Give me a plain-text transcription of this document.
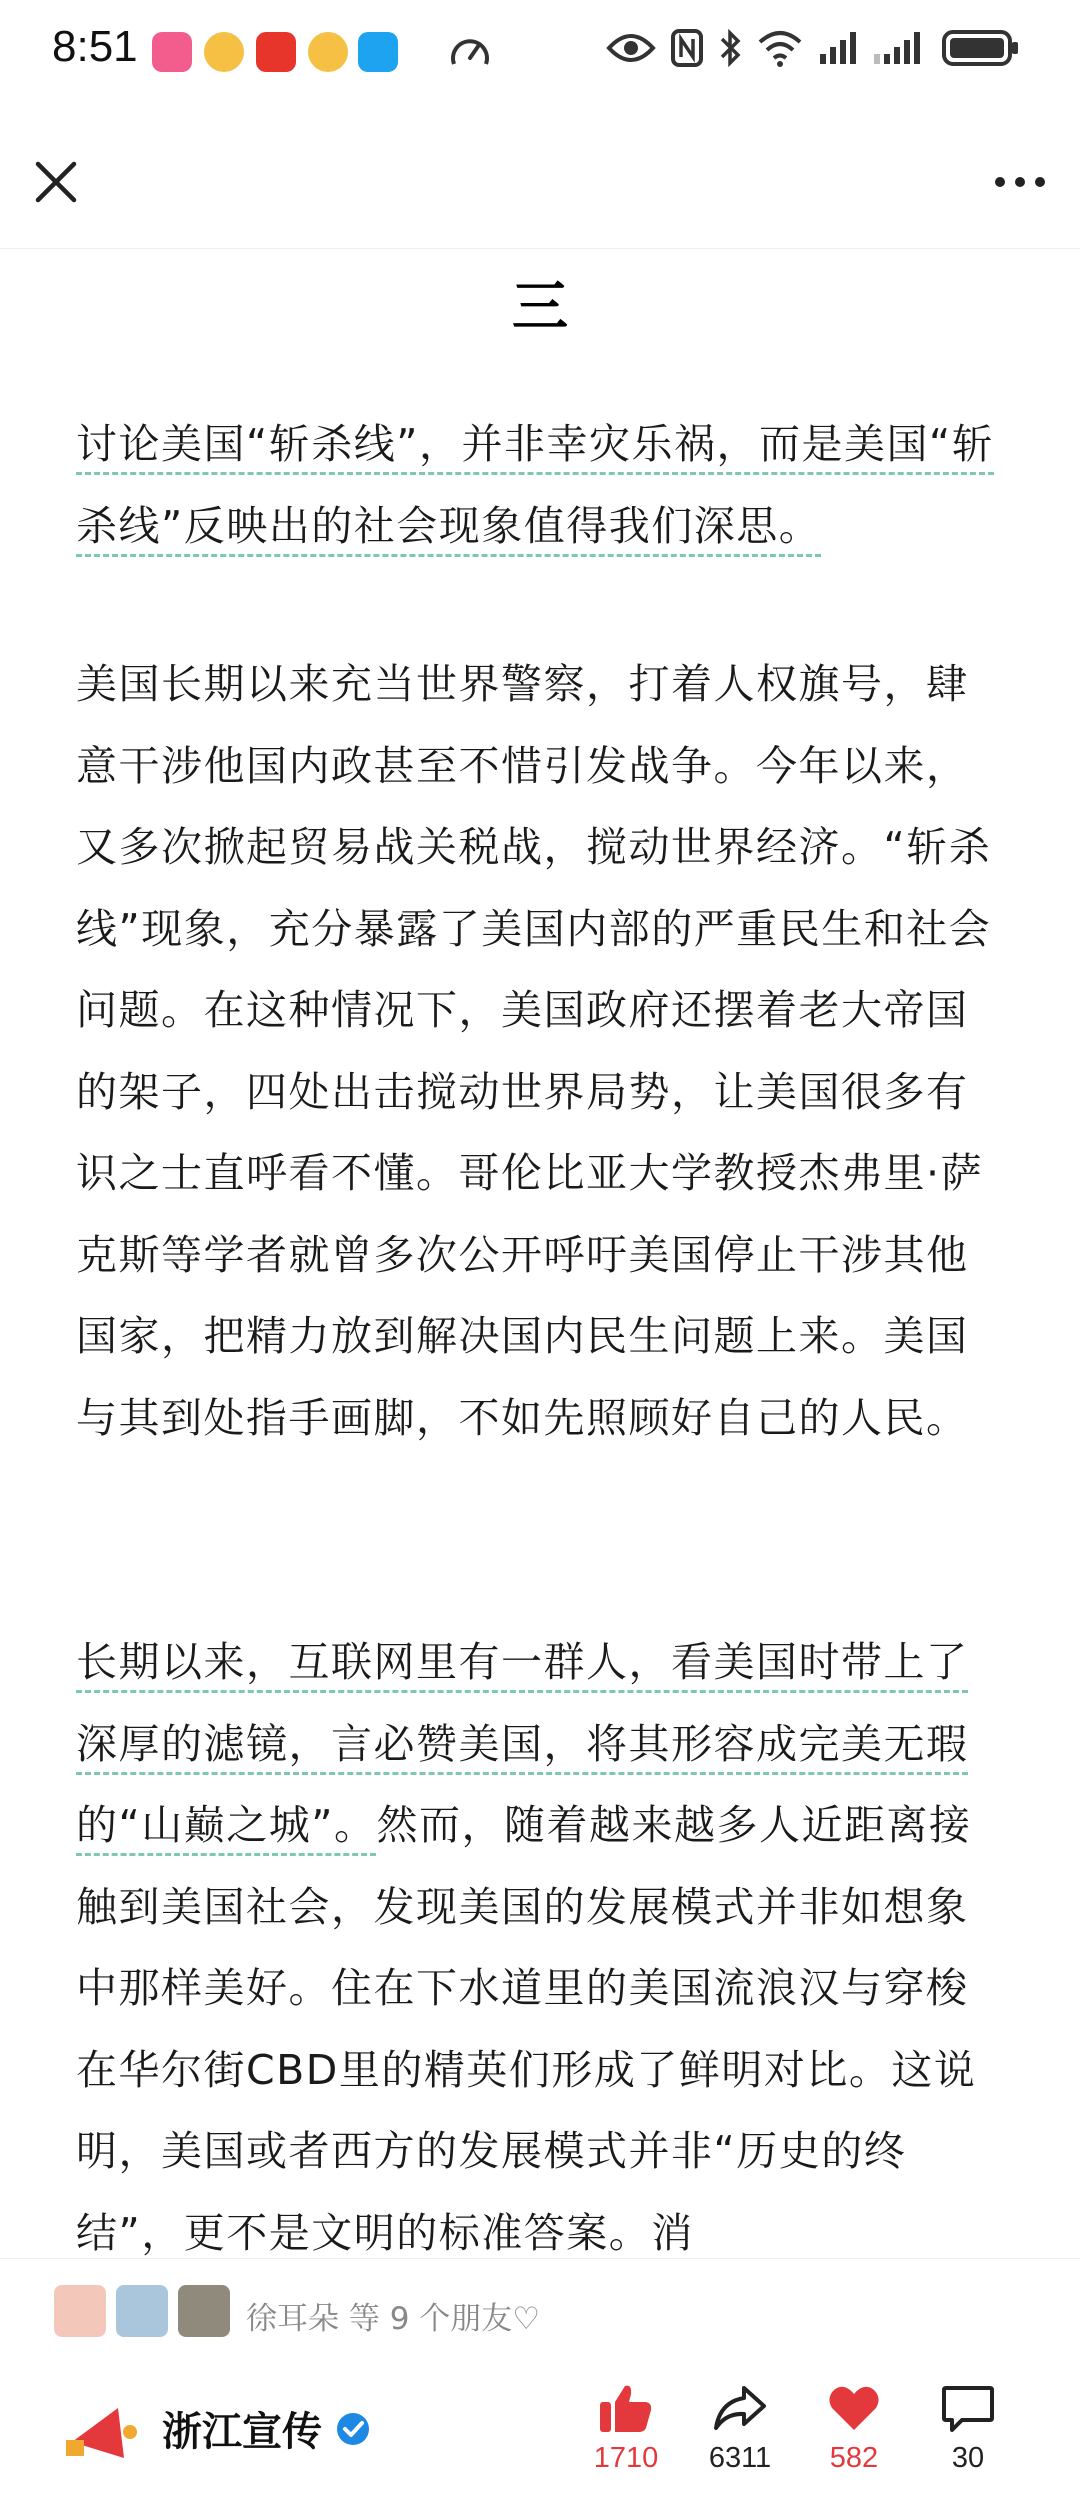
8:51
三
讨论美国“斩杀线”，并非幸灾乐祸，而是美国“斩杀线”反映出的社会现象值得我们深思。
美国长期以来充当世界警察，打着人权旗号，肆意干涉他国内政甚至不惜引发战争。今年以来，又多次掀起贸易战关税战，搅动世界经济。“斩杀线”现象，充分暴露了美国内部的严重民生和社会问题。在这种情况下，美国政府还摆着老大帝国的架子，四处出击搅动世界局势，让美国很多有识之士直呼看不懂。哥伦比亚大学教授杰弗里·萨克斯等学者就曾多次公开呼吁美国停止干涉其他国家，把精力放到解决国内民生问题上来。美国与其到处指手画脚，不如先照顾好自己的人民。
长期以来，互联网里有一群人，看美国时带上了深厚的滤镜，言必赞美国，将其形容成完美无瑕的“山巅之城”。然而，随着越来越多人近距离接触到美国社会，发现美国的发展模式并非如想象中那样美好。住在下水道里的美国流浪汉与穿梭在华尔街CBD里的精英们形成了鲜明对比。这说明，美国或者西方的发展模式并非“历史的终结”，更不是文明的标准答案。消
徐耳朵 等 9 个朋友♡
浙江宣传
1710	6311	582	30
